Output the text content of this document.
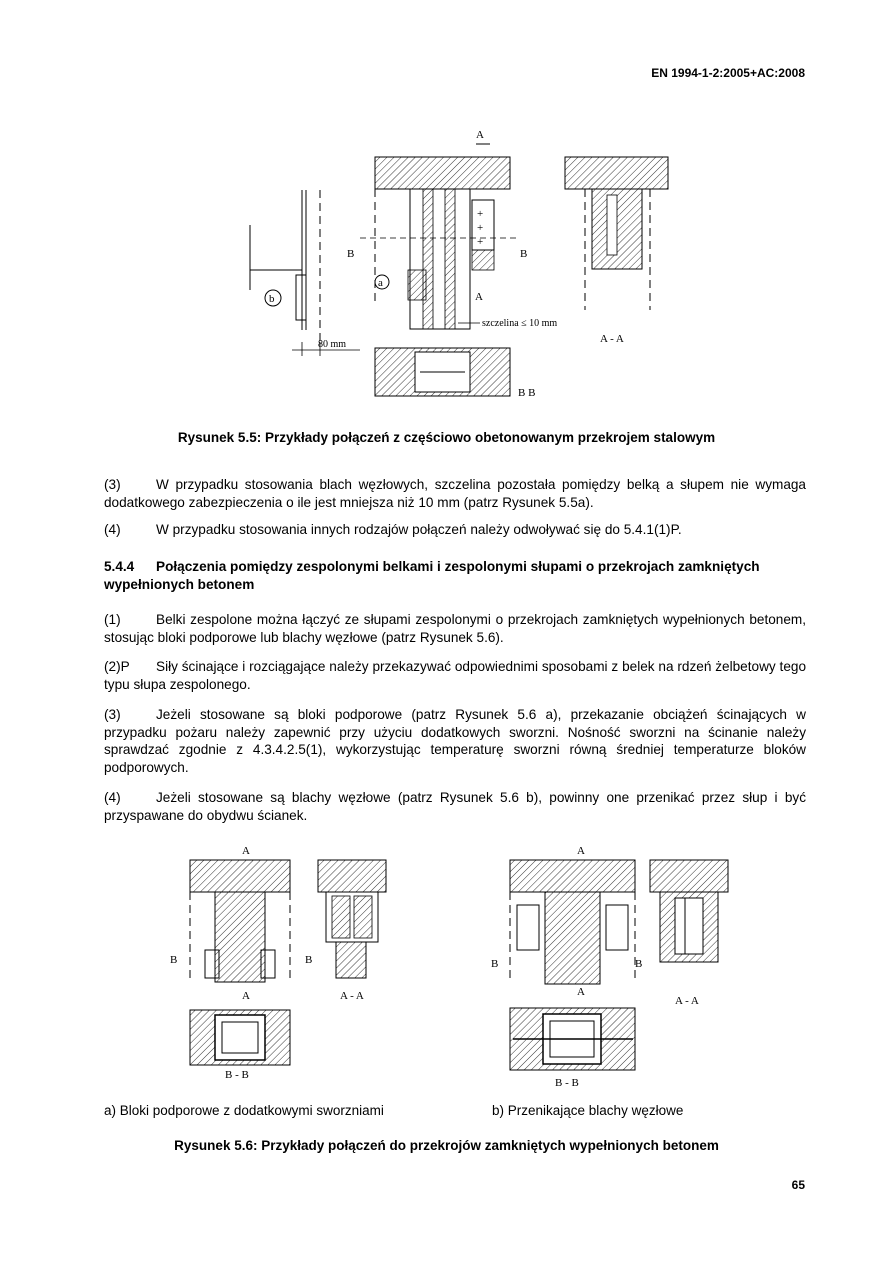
EN 1994-1-2:2005+AC:2008
b
80 mm
+
+
+
A
B	B
a
A
szczelina ≤ 10 mm
A - A
B B
Rysunek 5.5: Przykłady połączeń z częściowo obetonowanym przekrojem stalowym

(3)	W przypadku stosowania blach węzłowych, szczelina pozostała pomiędzy belką a słupem nie wymaga dodatkowego zabezpieczenia o ile jest mniejsza niż 10 mm (patrz Rysunek 5.5a).

(4)	W przypadku stosowania innych rodzajów połączeń należy odwoływać się do 5.4.1(1)P.

5.4.4 Połączenia pomiędzy zespolonymi belkami i zespolonymi słupami o przekrojach zamkniętych wypełnionych betonem

(1)	Belki zespolone można łączyć ze słupami zespolonymi o przekrojach zamkniętych wypełnionych betonem, stosując bloki podporowe lub blachy węzłowe (patrz Rysunek 5.6).

(2)P Siły ścinające i rozciągające należy przekazywać odpowiednimi sposobami z belek na rdzeń żelbetowy tego typu słupa zespolonego.

(3)	Jeżeli stosowane są bloki podporowe (patrz Rysunek 5.6 a), przekazanie obciążeń ścinających w przypadku pożaru należy zapewnić przy użyciu dodatkowych sworzni. Nośność sworzni na ścinanie należy sprawdzać zgodnie z 4.3.4.2.5(1), wykorzystując temperaturę sworzni równą średniej temperaturze bloków podporowych.

(4)	Jeżeli stosowane są blachy węzłowe (patrz Rysunek 5.6 b), powinny one przenikać przez słup i być przyspawane do obydwu ścianek.

A
A
B	B
A - A
B - B
A
A
B	B
A - A
B - B
a) Bloki podporowe z dodatkowymi sworzniami	b) Przenikające blachy węzłowe
Rysunek 5.6: Przykłady połączeń do przekrojów zamkniętych wypełnionych betonem
65
